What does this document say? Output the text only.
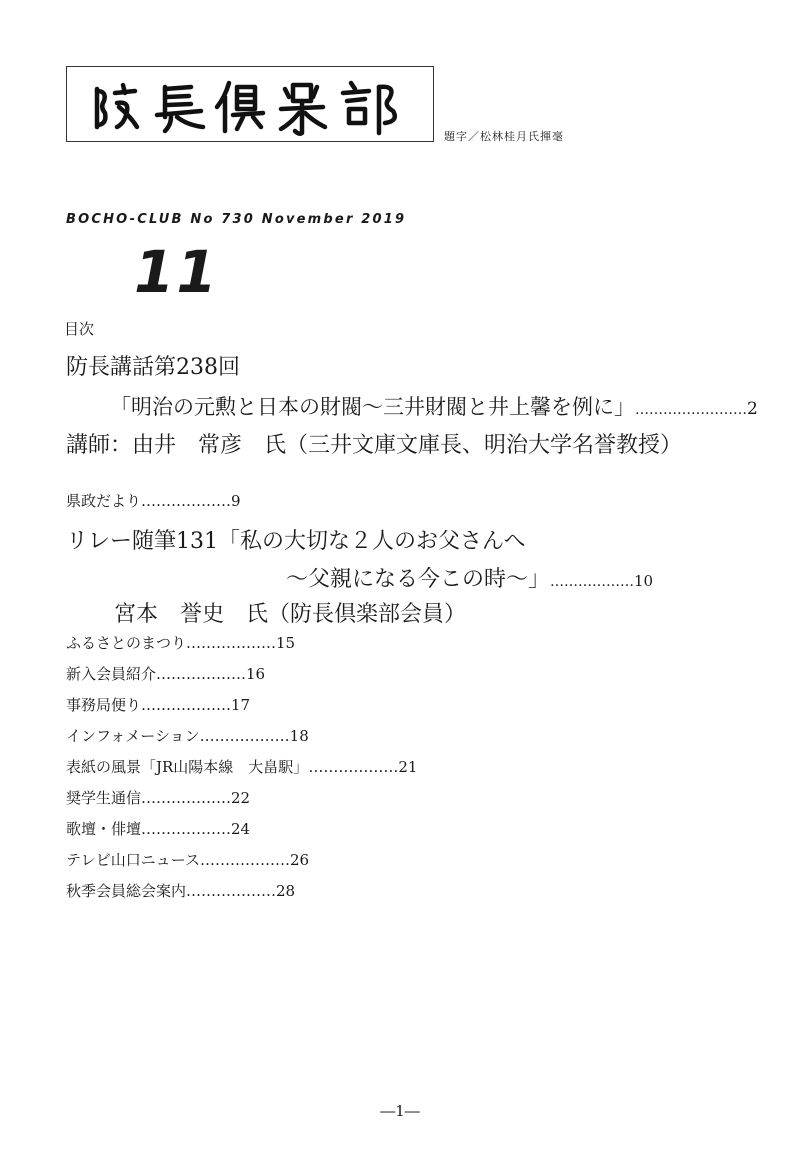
題字／松林桂月氏揮毫
BOCHO-CLUB No 730 November 2019
11
目次
防長講話第238回
「明治の元勲と日本の財閥～三井財閥と井上馨を例に」……………………2
講師：由井　常彦　氏（三井文庫文庫長、明治大学名誉教授）
県政だより………………9
リレー随筆131「私の大切な２人のお父さんへ
～父親になる今この時～」………………10
宮本　誉史　氏（防長倶楽部会員）
ふるさとのまつり………………15
新入会員紹介………………16
事務局便り………………17
インフォメーション………………18
表紙の風景「JR山陽本線　大畠駅」………………21
奨学生通信………………22
歌壇・俳壇………………24
テレビ山口ニュース………………26
秋季会員総会案内………………28
―1―
